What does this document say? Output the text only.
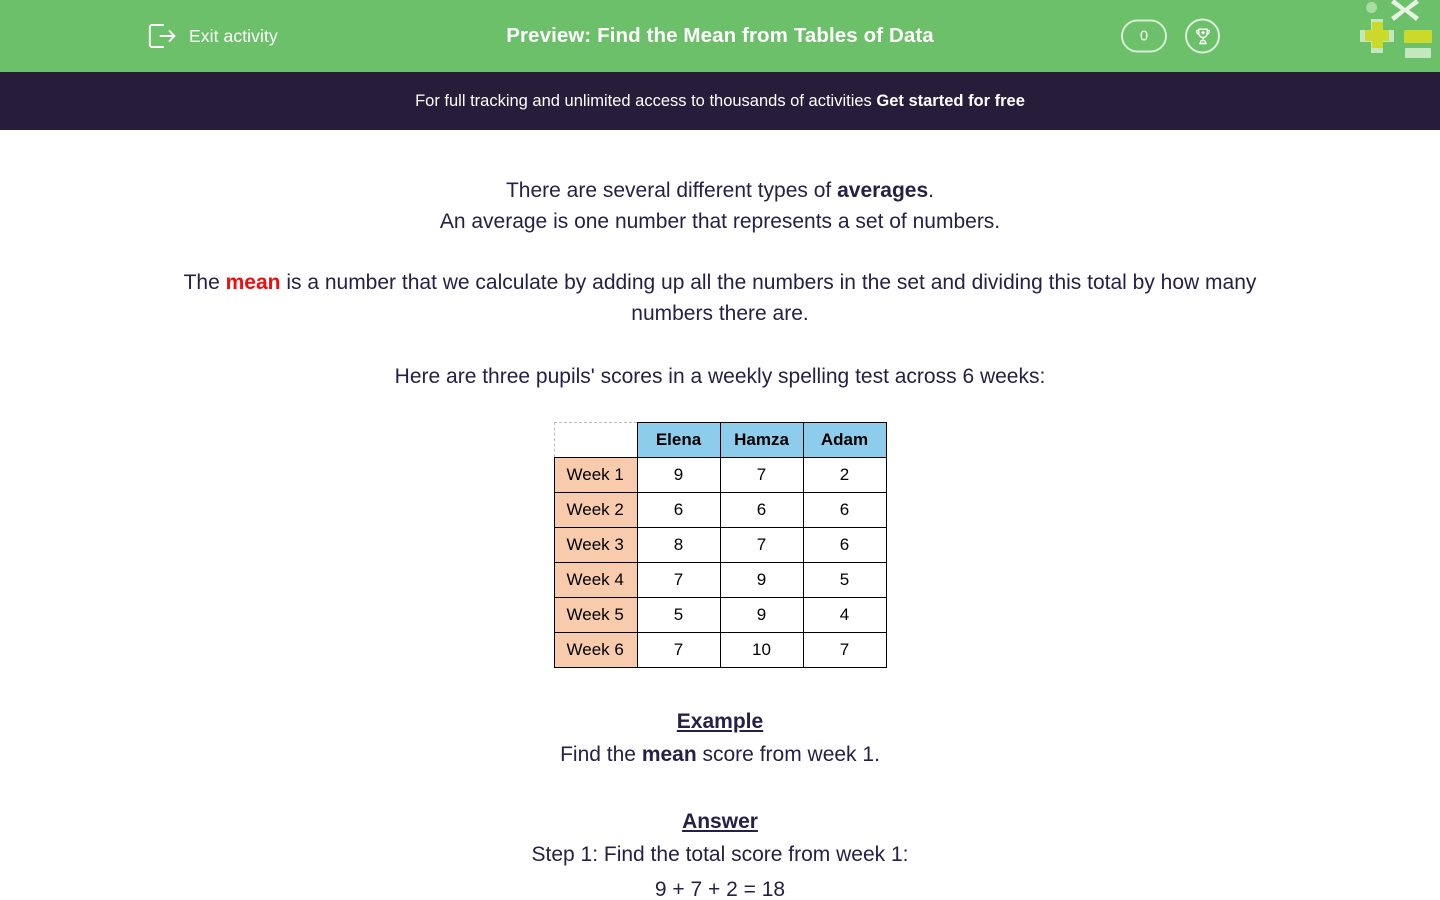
Exit activity	Preview: Find the Mean from Tables of Data	0
For full tracking and unlimited access to thousands of activities Get started for free
There are several different types of averages.
An average is one number that represents a set of numbers.
The mean is a number that we calculate by adding up all the numbers in the set and dividing this total by how many numbers there are.
Here are three pupils' scores in a weekly spelling test across 6 weeks:
	Elena	Hamza	Adam
Week 1	9	7	2
Week 2	6	6	6
Week 3	8	7	6
Week 4	7	9	5
Week 5	5	9	4
Week 6	7	10	7
Example
Find the mean score from week 1.
Answer
Step 1: Find the total score from week 1:
9 + 7 + 2 = 18
